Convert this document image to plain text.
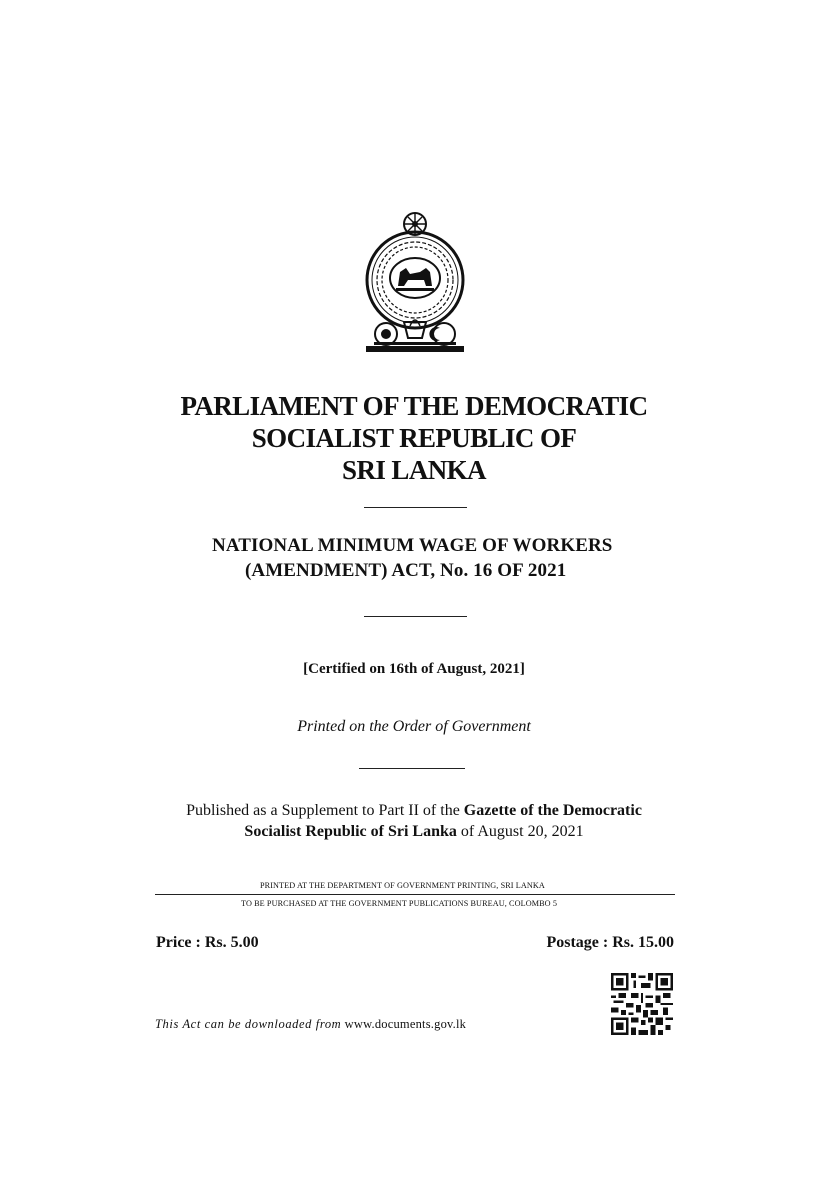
PARLIAMENT OF THE DEMOCRATIC
SOCIALIST REPUBLIC OF
SRI LANKA
NATIONAL MINIMUM WAGE OF WORKERS
(AMENDMENT) ACT, No. 16 OF 2021
[Certified on 16th of August, 2021]
Printed on the Order of Government
Published as a Supplement to Part II of the Gazette of the Democratic
Socialist Republic of Sri Lanka of August 20, 2021
PRINTED AT THE DEPARTMENT OF GOVERNMENT PRINTING, SRI LANKA
TO BE PURCHASED AT THE GOVERNMENT PUBLICATIONS BUREAU, COLOMBO 5
Price : Rs. 5.00	Postage : Rs. 15.00
This Act can be downloaded from www.documents.gov.lk
